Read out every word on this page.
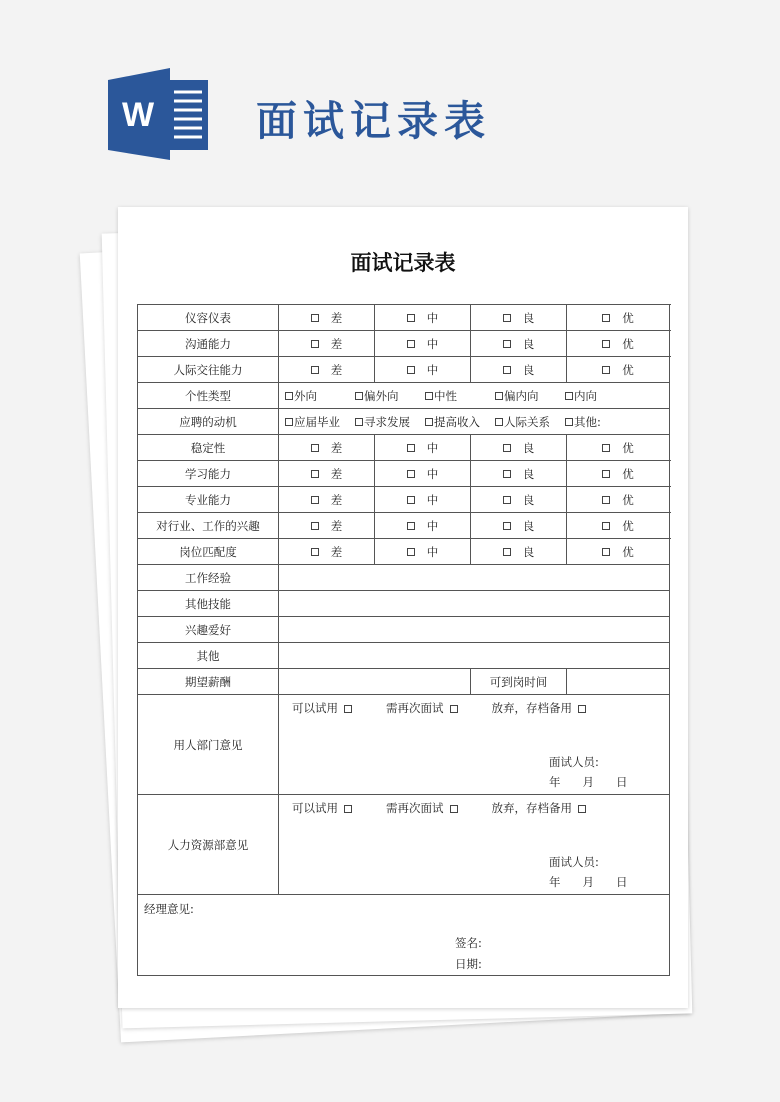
W 面试记录表
面试记录表
仪容仪表	差	中	良	优
沟通能力	差	中	良	优
人际交往能力	差	中	良	优
个性类型	外向 偏外向 中性 偏内向 内向			
应聘的动机	应届毕业 寻求发展 提高收入 人际关系 其他:			
稳定性	差	中	良	优
学习能力	差	中	良	优
专业能力	差	中	良	优
对行业、工作的兴趣	差	中	良	优
岗位匹配度	差	中	良	优
工作经验				
其他技能				
兴趣爱好				
其他				
期望薪酬			可到岗时间	
用人部门意见	可以试用 需再次面试 放弃，存档备用
面试人员:
年 月 日			

人力资源部意见	可以试用 需再次面试 放弃，存档备用
面试人员:
年 月 日			

经理意见:
签名:
日期:				
